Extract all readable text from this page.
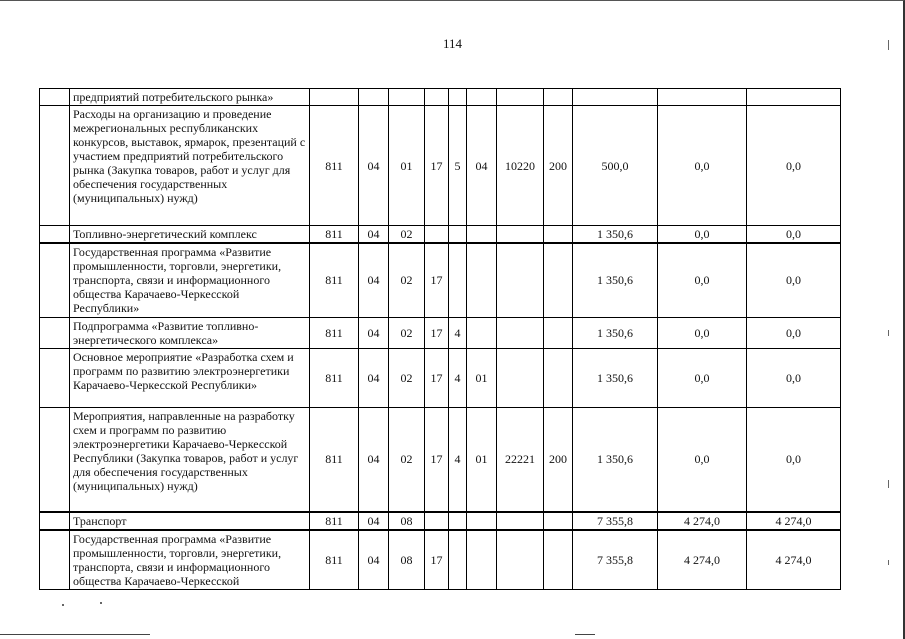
114
	предприятий потребительского рынка»											
	Расходы на организацию и проведение межрегиональных республиканских конкурсов, выставок, ярмарок, презентаций с участием предприятий потребительского рынка (Закупка товаров, работ и услуг для обеспечения государственных (муниципальных) нужд)	811	04	01	17	5	04	10220	200	500,0	0,0	0,0
	Топливно-энергетический комплекс	811	04	02						1 350,6	0,0	0,0
	Государственная программа «Развитие промышленности, торговли, энергетики, транспорта, связи и информационного общества Карачаево-Черкесской Республики»	811	04	02	17					1 350,6	0,0	0,0
	Подпрограмма «Развитие топливно-энергетического комплекса»	811	04	02	17	4				1 350,6	0,0	0,0
	Основное мероприятие «Разработка схем и программ по развитию электроэнергетики Карачаево-Черкесской Республики»	811	04	02	17	4	01			1 350,6	0,0	0,0
	Мероприятия, направленные на разработку схем и программ по развитию электроэнергетики Карачаево-Черкесской Республики (Закупка товаров, работ и услуг для обеспечения государственных (муниципальных) нужд)	811	04	02	17	4	01	22221	200	1 350,6	0,0	0,0
	Транспорт	811	04	08						7 355,8	4 274,0	4 274,0
	Государственная программа «Развитие промышленности, торговли, энергетики, транспорта, связи и информационного общества Карачаево-Черкесской	811	04	08	17					7 355,8	4 274,0	4 274,0
